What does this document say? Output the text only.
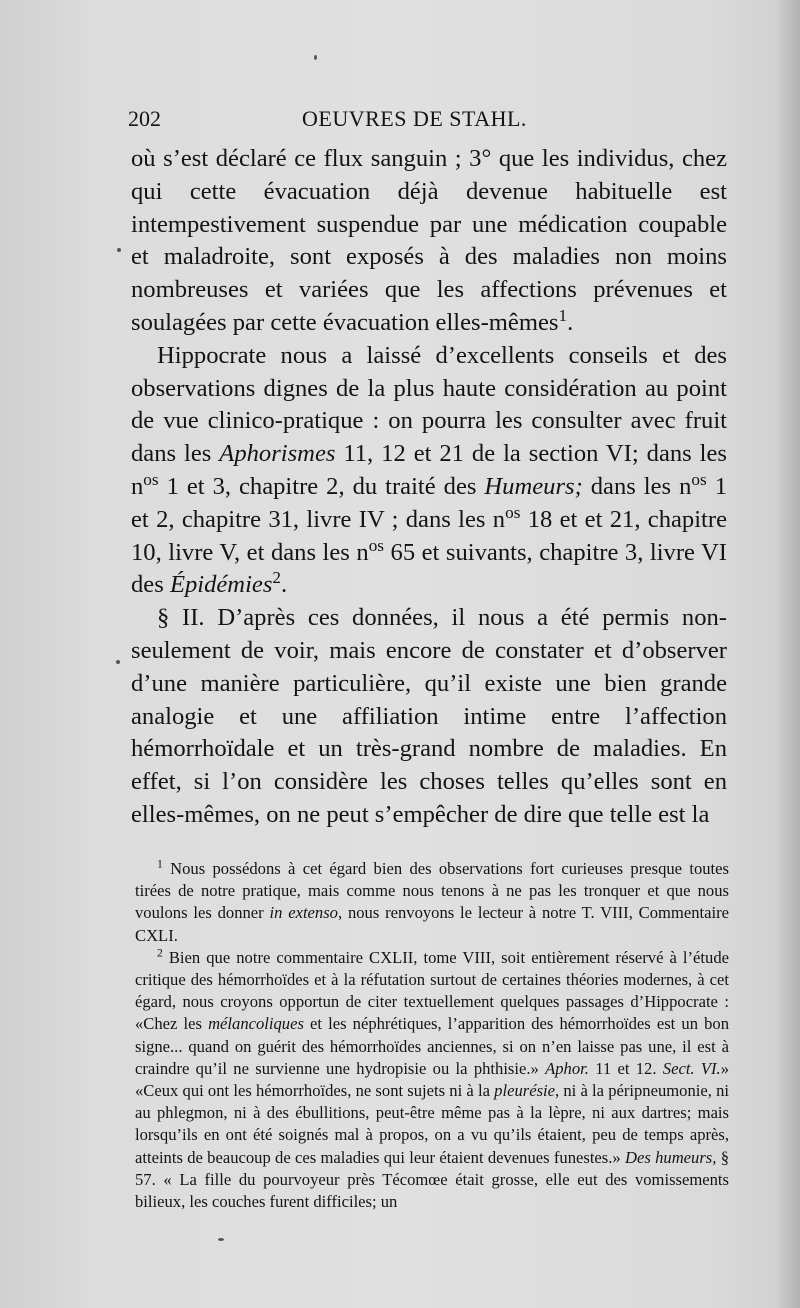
202	OEUVRES DE STAHL.

où s’est déclaré ce flux sanguin ; 3° que les individus, chez qui cette évacuation déjà devenue habituelle est intempestivement suspendue par une médication coupable et maladroite, sont exposés à des maladies non moins nombreuses et variées que les affections prévenues et soulagées par cette évacuation elles-mêmes$^1$.

Hippocrate nous a laissé d’excellents conseils et des observations dignes de la plus haute considération au point de vue clinico-pratique : on pourra les consulter avec fruit dans les Aphorismes 11, 12 et 21 de la section VI; dans les $n^{os}$ 1 et 3, chapitre 2, du traité des Humeurs; dans les $n^{os}$ 1 et 2, chapitre 31, livre IV ; dans les $n^{os}$ 18 et et 21, chapitre 10, livre V, et dans les $n^{os}$ 65 et suivants, chapitre 3, livre VI des Épidémies$^2$.

§ II. D’après ces données, il nous a été permis non-seulement de voir, mais encore de constater et d’observer d’une manière particulière, qu’il existe une bien grande analogie et une affiliation intime entre l’affection hémorrhoïdale et un très-grand nombre de maladies. En effet, si l’on considère les choses telles qu’elles sont en elles-mêmes, on ne peut s’empêcher de dire que telle est la

$^1$ Nous possédons à cet égard bien des observations fort curieuses presque toutes tirées de notre pratique, mais comme nous tenons à ne pas les tronquer et que nous voulons les donner in extenso, nous renvoyons le lecteur à notre T. VIII, Commentaire CXLI.

$^2$ Bien que notre commentaire CXLII, tome VIII, soit entièrement réservé à l’étude critique des hémorrhoïdes et à la réfutation surtout de certaines théories modernes, à cet égard, nous croyons opportun de citer textuellement quelques passages d’Hippocrate : «Chez les mélancoliques et les néphrétiques, l’apparition des hémorrhoïdes est un bon signe... quand on guérit des hémorrhoïdes anciennes, si on n’en laisse pas une, il est à craindre qu’il ne survienne une hydropisie ou la phthisie.» Aphor. 11 et 12. Sect. VI.» «Ceux qui ont les hémorrhoïdes, ne sont sujets ni à la pleurésie, ni à la péripneumonie, ni au phlegmon, ni à des ébullitions, peut-être même pas à la lèpre, ni aux dartres; mais lorsqu’ils en ont été soignés mal à propos, on a vu qu’ils étaient, peu de temps après, atteints de beaucoup de ces maladies qui leur étaient devenues funestes.» Des humeurs, § 57. « La fille du pourvoyeur près Técomœe était grosse, elle eut des vomissements bilieux, les couches furent difficiles; un
